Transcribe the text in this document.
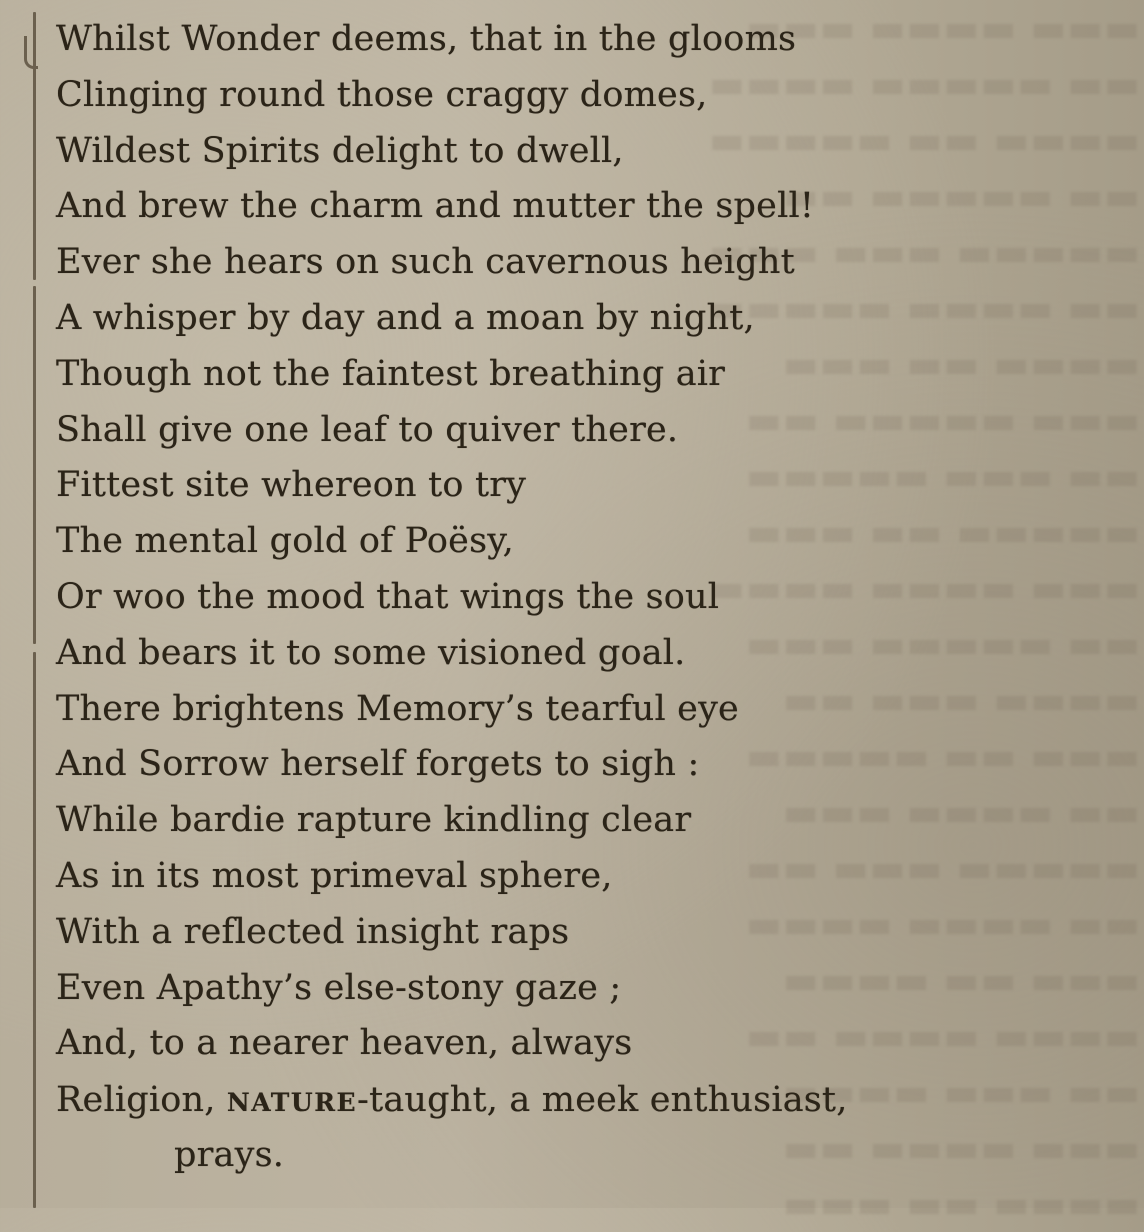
▬▬▬ ▬▬▬▬ ▬▬▬
▬▬ ▬▬▬▬▬ ▬▬▬▬
▬▬▬▬ ▬▬ ▬▬▬▬▬
▬▬ ▬▬▬▬▬ ▬▬
▬▬▬▬▬ ▬▬▬ ▬▬▬
▬▬ ▬▬▬▬ ▬▬▬▬▬
▬▬▬▬ ▬▬ ▬▬▬
▬▬▬ ▬▬▬▬▬ ▬▬
▬▬ ▬▬▬ ▬▬▬▬▬
▬▬▬▬▬ ▬▬ ▬▬▬
▬▬▬ ▬▬▬▬ ▬▬▬▬
▬▬ ▬▬▬▬▬ ▬▬▬
▬▬▬▬ ▬▬▬ ▬▬
▬▬▬ ▬▬ ▬▬▬▬▬
▬▬ ▬▬▬▬ ▬▬▬
▬▬▬▬▬ ▬▬▬ ▬▬
▬▬ ▬▬▬▬ ▬▬▬▬
▬▬▬ ▬▬ ▬▬▬▬
▬▬▬▬ ▬▬▬▬ ▬▬
▬▬ ▬▬▬ ▬▬▬▬
▬▬▬ ▬▬▬▬ ▬▬
▬▬▬▬ ▬▬ ▬▬▬
Whilst Wonder deems, that in the glooms
Clinging round those craggy domes,
Wildest Spirits delight to dwell,
And brew the charm and mutter the spell!
Ever she hears on such cavernous height
A whisper by day and a moan by night,
Though not the faintest breathing air
Shall give one leaf to quiver there.
Fittest site whereon to try
The mental gold of Poësy,
Or woo the mood that wings the soul
And bears it to some visioned goal.
There brightens Memory’s tearful eye
And Sorrow herself forgets to sigh :
While bardie rapture kindling clear
As in its most primeval sphere,
With a reflected insight raps
Even Apathy’s else-stony gaze ;
And, to a nearer heaven, always
Religion, nature-taught, a meek enthusiast,
prays.
